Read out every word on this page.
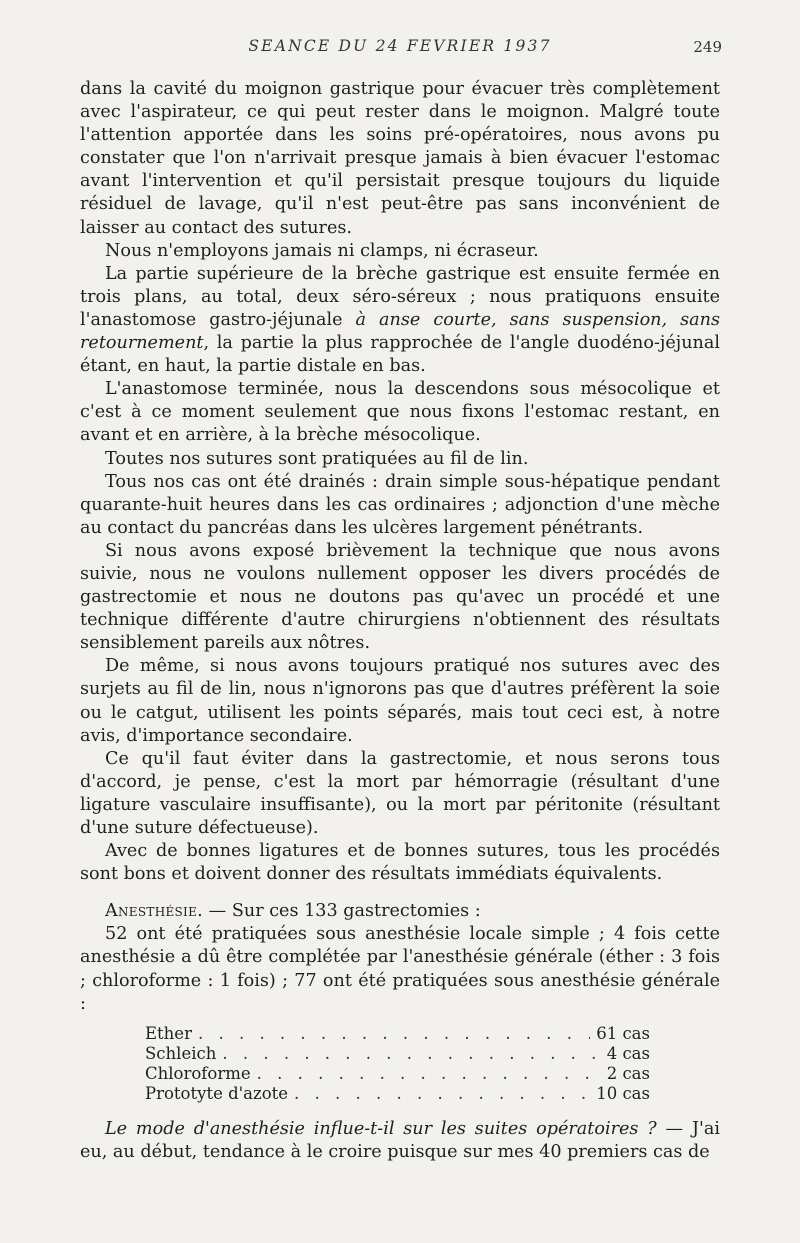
SEANCE DU 24 FEVRIER 1937	249

dans la cavité du moignon gastrique pour évacuer très complètement avec l'aspirateur, ce qui peut rester dans le moignon. Malgré toute l'attention apportée dans les soins pré-opératoires, nous avons pu constater que l'on n'arrivait presque jamais à bien évacuer l'estomac avant l'intervention et qu'il persistait presque toujours du liquide résiduel de lavage, qu'il n'est peut-être pas sans inconvénient de laisser au contact des sutures.

Nous n'employons jamais ni clamps, ni écraseur.

La partie supérieure de la brèche gastrique est ensuite fermée en trois plans, au total, deux séro-séreux ; nous pratiquons ensuite l'anastomose gastro-jéjunale à anse courte, sans suspension, sans retournement, la partie la plus rapprochée de l'angle duodéno-jéjunal étant, en haut, la partie distale en bas.

L'anastomose terminée, nous la descendons sous mésocolique et c'est à ce moment seulement que nous fixons l'estomac restant, en avant et en arrière, à la brèche mésocolique.

Toutes nos sutures sont pratiquées au fil de lin.

Tous nos cas ont été drainés : drain simple sous-hépatique pendant quarante-huit heures dans les cas ordinaires ; adjonction d'une mèche au contact du pancréas dans les ulcères largement pénétrants.

Si nous avons exposé brièvement la technique que nous avons suivie, nous ne voulons nullement opposer les divers procédés de gastrectomie et nous ne doutons pas qu'avec un procédé et une technique différente d'autre chirurgiens n'obtiennent des résultats sensiblement pareils aux nôtres.

De même, si nous avons toujours pratiqué nos sutures avec des surjets au fil de lin, nous n'ignorons pas que d'autres préfèrent la soie ou le catgut, utilisent les points séparés, mais tout ceci est, à notre avis, d'importance secondaire.

Ce qu'il faut éviter dans la gastrectomie, et nous serons tous d'accord, je pense, c'est la mort par hémorragie (résultant d'une ligature vasculaire insuffisante), ou la mort par péritonite (résultant d'une suture défectueuse).

Avec de bonnes ligatures et de bonnes sutures, tous les procédés sont bons et doivent donner des résultats immédiats équivalents.

Anesthésie. — Sur ces 133 gastrectomies :

52 ont été pratiquées sous anesthésie locale simple ; 4 fois cette anesthésie a dû être complétée par l'anesthésie générale (éther : 3 fois ; chloroforme : 1 fois) ; 77 ont été pratiquées sous anesthésie générale :

Ether . . .	61 cas
Schleich . . .	4 cas
Chloroforme . . .	2 cas
Prototyte d'azote . . .	10 cas

Le mode d'anesthésie influe-t-il sur les suites opératoires ? — J'ai eu, au début, tendance à le croire puisque sur mes 40 premiers cas de
